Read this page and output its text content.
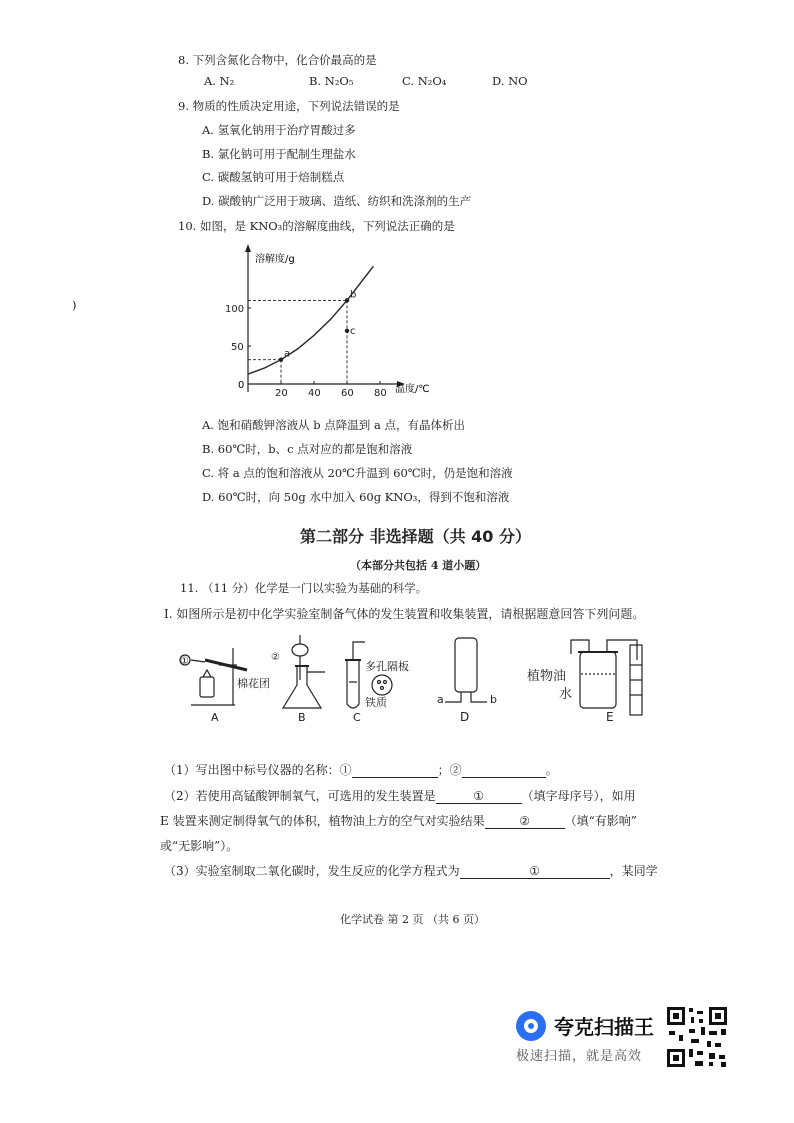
8. 下列含氮化合物中，化合价最高的是
A. N₂	B. N₂O₅	C. N₂O₄	D. NO
9. 物质的性质决定用途，下列说法错误的是
A. 氢氧化钠用于治疗胃酸过多
B. 氯化钠可用于配制生理盐水
C. 碳酸氢钠可用于焙制糕点
D. 碳酸钠广泛用于玻璃、造纸、纺织和洗涤剂的生产
10. 如图，是 KNO₃的溶解度曲线，下列说法正确的是
)
溶解度/g
温度/℃
0
20 40 60 80
50
100
a
b
c
A. 饱和硝酸钾溶液从 b 点降温到 a 点，有晶体析出
B. 60℃时，b、c 点对应的都是饱和溶液
C. 将 a 点的饱和溶液从 20℃升温到 60℃时，仍是饱和溶液
D. 60℃时，向 50g 水中加入 60g KNO₃，得到不饱和溶液
第二部分 非选择题（共 40 分）
（本部分共包括 4 道小题）
11. （11 分）化学是一门以实验为基础的科学。
I. 如图所示是初中化学实验室制备气体的发生装置和收集装置，请根据题意回答下列问题。
①
棉花团
A
②
B
多孔隔板
铁质
C
a	b
D
植物油
水
E
（1）写出图中标号仪器的名称：①	；②	。
（2）若使用高锰酸钾制氧气，可选用的发生装置是	①	（填字母序号），如用
E 装置来测定制得氧气的体积，植物油上方的空气对实验结果	②	（填“有影响”
或“无影响”）。
（3）实验室制取二氧化碳时，发生反应的化学方程式为	①	，某同学
化学试卷 第 2 页 （共 6 页）
夸克扫描王
极速扫描，就是高效
